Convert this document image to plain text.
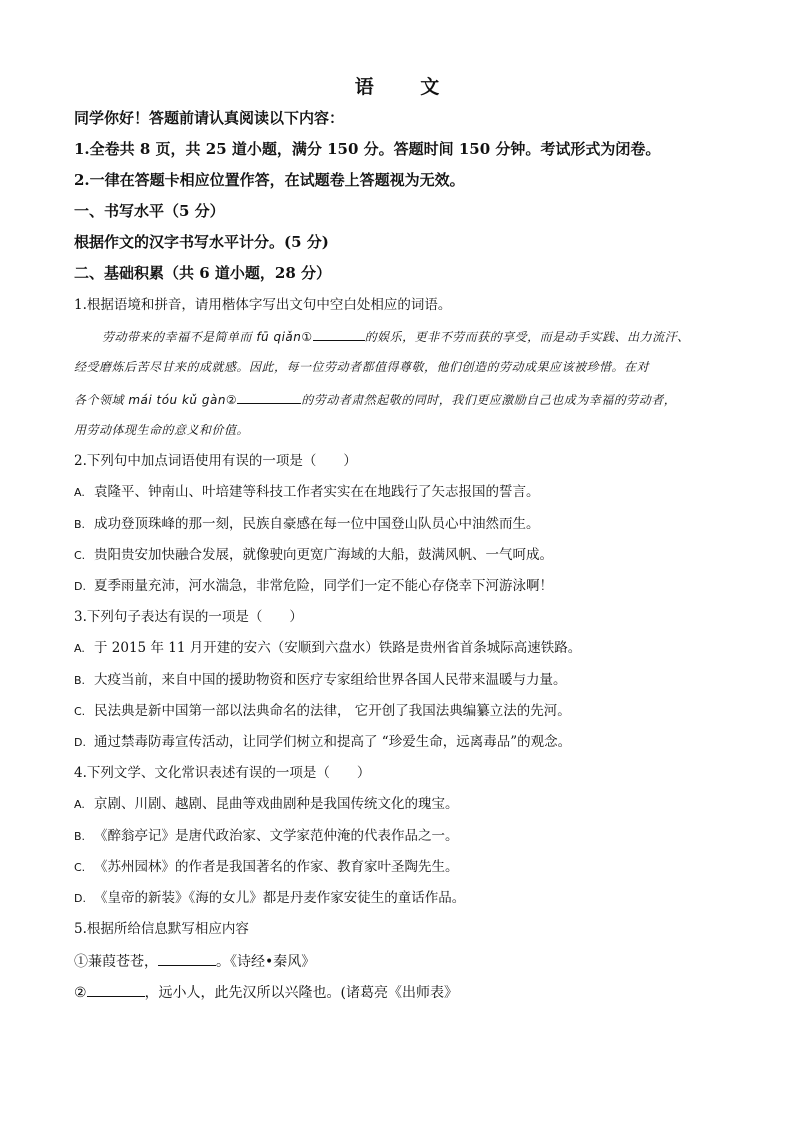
语 文
同学你好！答题前请认真阅读以下内容：
1.全卷共 8 页，共 25 道小题，满分 150 分。答题时间 150 分钟。考试形式为闭卷。
2.一律在答题卡相应位置作答，在试题卷上答题视为无效。
一、书写水平（5 分）
根据作文的汉字书写水平计分。(5 分)
二、基础积累（共 6 道小题，28 分）
1.根据语境和拼音，请用楷体字写出文句中空白处相应的词语。
劳动带来的幸福不是简单而 fū qiǎn①	的娱乐，更非不劳而获的享受，而是动手实践、出力流汗、
经受磨炼后苦尽甘来的成就感。因此，每一位劳动者都值得尊敬，他们创造的劳动成果应该被珍惜。在对
各个领域 mái tóu kǔ gàn②	的劳动者肃然起敬的同时，我们更应激励自己也成为幸福的劳动者，
用劳动体现生命的意义和价值。
2.下列句中加点词语使用有误的一项是（　　）
A. 袁隆平、钟南山、叶培建等科技工作者实实在在地践行了矢志报国的誓言。
B. 成功登顶珠峰的那一刻，民族自豪感在每一位中国登山队员心中油然而生。
C. 贵阳贵安加快融合发展，就像驶向更宽广海域的大船，鼓满风帆、一气呵成。
D. 夏季雨量充沛，河水湍急，非常危险，同学们一定不能心存侥幸下河游泳啊！
3.下列句子表达有误的一项是（　　）
A. 于 2015 年 11 月开建的安六（安顺到六盘水）铁路是贵州省首条城际高速铁路。
B. 大疫当前，来自中国的援助物资和医疗专家组给世界各国人民带来温暖与力量。
C. 民法典是新中国第一部以法典命名的法律， 它开创了我国法典编纂立法的先河。
D. 通过禁毒防毒宣传活动，让同学们树立和提高了 “珍爱生命，远离毒品”的观念。
4.下列文学、文化常识表述有误的一项是（　　）
A. 京剧、川剧、越剧、昆曲等戏曲剧种是我国传统文化的瑰宝。
B. 《醉翁亭记》是唐代政治家、文学家范仲淹的代表作品之一。
C. 《苏州园林》的作者是我国著名的作家、教育家叶圣陶先生。
D. 《皇帝的新装》《海的女儿》都是丹麦作家安徒生的童话作品。
5.根据所给信息默写相应内容
①蒹葭苍苍，	。《诗经•秦风》
②	，远小人，此先汉所以兴隆也。(诸葛亮《出师表》
